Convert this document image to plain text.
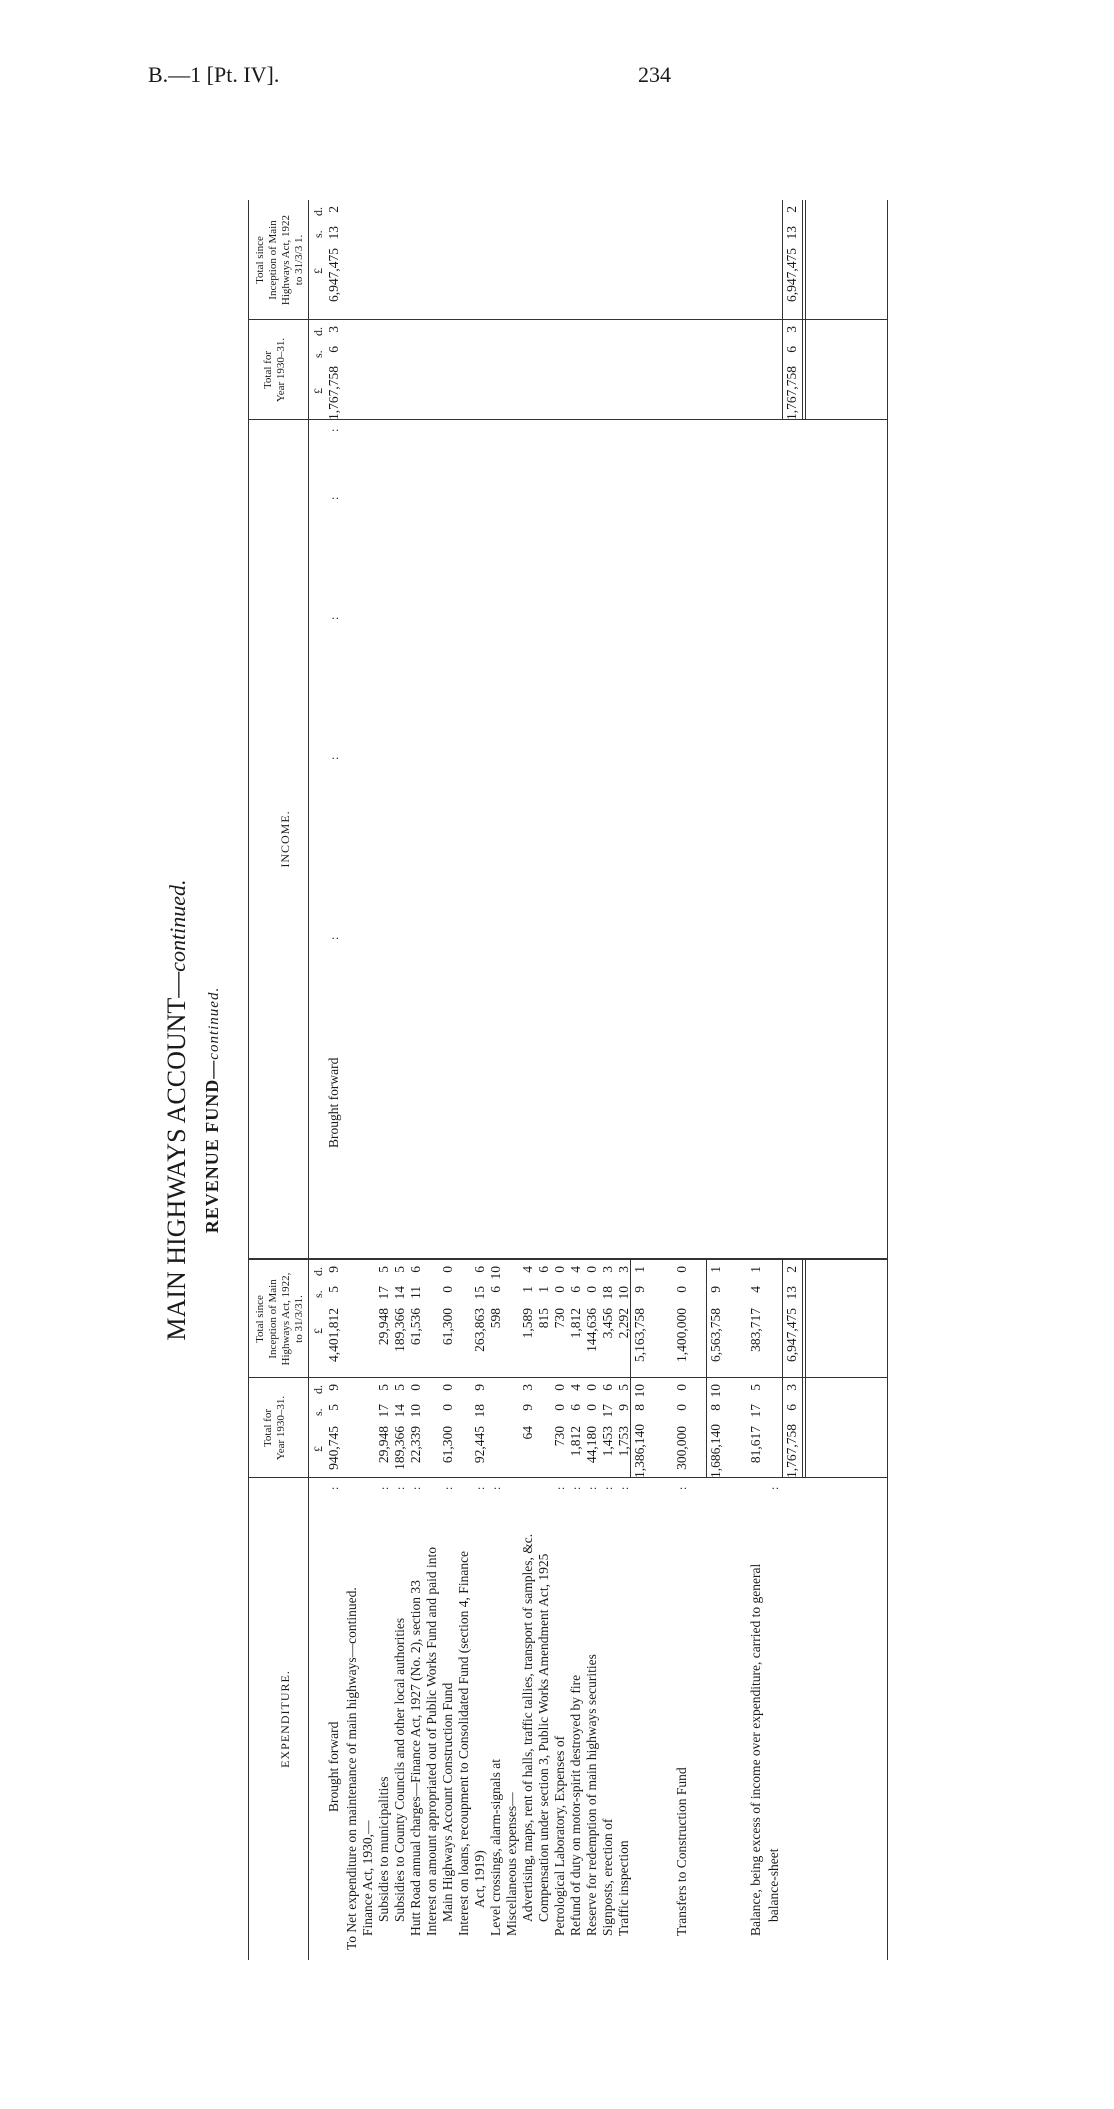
B.—1 [Pt. IV].	234
MAIN HIGHWAYS ACCOUNT—continued.
REVENUE FUND—continued.
EXPENDITURE.
INCOME.
Total for Year 1930–31.
Total since Inception of Main Highways Act, 1922, to 31/3/31.
Total for Year 1930–31.
Total since Inception of Main Highways Act, 1922 to 31/3/3 1.
Brought forward
:
940,745
5
9
4,401,812
5
9
To Net expenditure on maintenance of main highways—continued. Finance Act, 1930,— Subsidies to municipalities
:
29,948
17
5
29,948
17
5
Subsidies to County Councils and other local authorities
:
189,366
14
5
189,366
14
5
Hutt Road annual charges—Finance Act, 1927 (No. 2), section 33
:
22,339
10
0
61,536
11
6
Interest on amount appropriated out of Public Works Fund and paid into Main Highways Account Construction Fund
:
61,300
0
0
61,300
0
0
Interest on loans, recoupment to Consolidated Fund (section 4, Finance Act, 1919)
:
92,445
18
9
263,863
15
6
Level crossings, alarm-signals at
:
598
6
10
Miscellaneous expenses— Advertising, maps, rent of halls, traffic tallies, transport of samples, &c.
64
9
3
1,589
1
4
Compensation under section 3, Public Works Amendment Act, 1925
815
1
6
Petrological Laboratory, Expenses of
:
730
0
0
730
0
0
Refund of duty on motor-spirit destroyed by fire
:
1,812
6
4
1,812
6
4
Reserve for redemption of main highways securities
:
44,180
0
0
144,636
0
0
Signposts, erection of
:
1,453
17
6
3,456
18
3
Traffic inspection
:
1,753
9
5
2,292
10
3
1,386,140
8
10
5,163,758
9
1
Transfers to Construction Fund
:
300,000
0
0
1,400,000
0
0
1,686,140
8
10
6,563,758
9
1
Balance, being excess of income over expenditure, carried to general
81,617
17
5
383,717
4
1
balance-sheet
:
1,767,758
6
3
6,947,475
13
2
Brought forward
:
:
:
:
:
1,767,758
6
3
6,947,475
13
2
1,767,758
6
3
6,947,475
13
2
£
s.
d.
£
s.
d.
£
s.
d.
£
s.
d.
